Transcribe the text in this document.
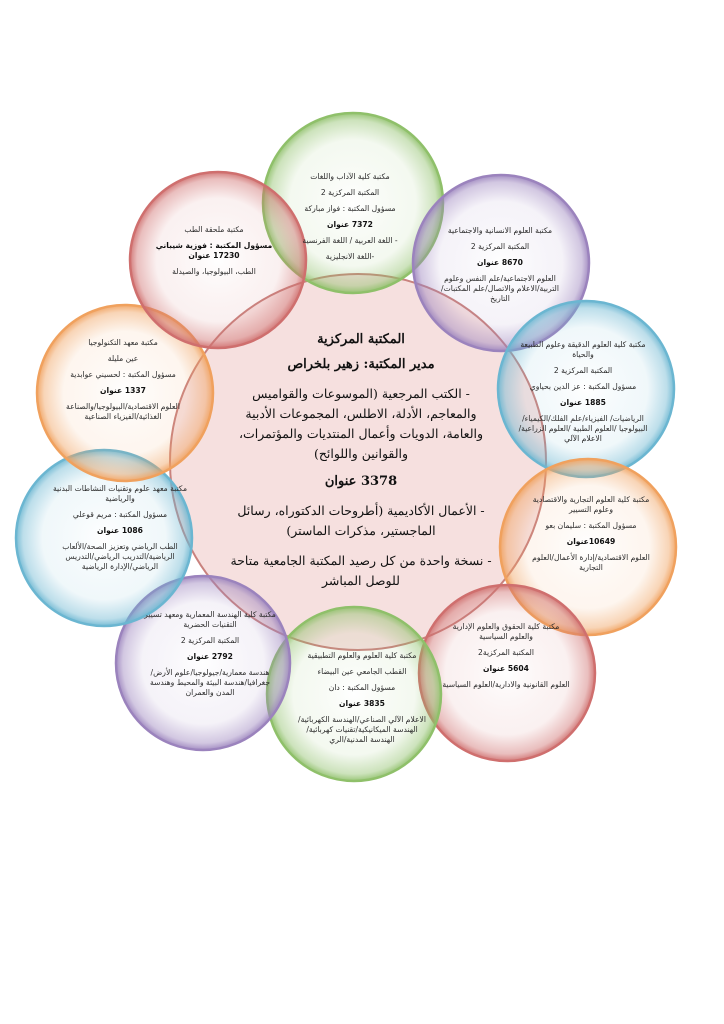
المكتبة المركزية
مدير المكتبة: زهير بلخراص
- الكتب المرجعية (الموسوعات والقواميس والمعاجم، الأدلة، الاطلس، المجموعات الأدبية والعامة، الدويات وأعمال المنتديات والمؤتمرات، والقوانين واللوائح)
3378 عنوان
- الأعمال الأكاديمية (أطروحات الدكتوراه، رسائل الماجستير، مذكرات الماستر)
- نسخة واحدة من كل رصيد المكتبة الجامعية متاحة للوصل المباشر
مكتبة كلية الآداب واللغات
المكتبة المركزية 2
مسؤول المكتبة : فواز مباركة
7372 عنوان
- اللغة العربية / اللغة الفرنسية
-اللغة الانجليزية
مكتبة العلوم الانسانية والاجتماعية
المكتبة المركزية 2
8670 عنوان
العلوم الاجتماعية/علم النفس وعلوم التربية/الاعلام والاتصال/علم المكتبات/التاريخ
مكتبة كلية العلوم الدقيقة وعلوم الطبيعة والحياة
المكتبة المركزية 2
مسؤول المكتبة : عز الدين بحياوي
1885 عنوان
الرياضيات/ الفيزياء/علم الفلك/الكيمياء/البيولوجيا /العلوم الطبية /العلوم الزراعية/الاعلام الآلي
مكتبة كلية العلوم التجارية والاقتصادية وعلوم التسيير
مسؤول المكتبة : سليمان بعو
10649عنوان
العلوم الاقتصادية/إدارة الأعمال/العلوم التجارية
مكتبة كلية الحقوق والعلوم الإدارية والعلوم السياسية
المكتبة المركزية2
5604 عنوان
العلوم القانونية والادارية/العلوم السياسية
مكتبة كلية العلوم والعلوم التطبيقية
القطب الجامعي عين البيضاء
مسؤول المكتبة : دان
3835 عنوان
الاعلام الآلي الصناعي/الهندسة الكهربائية/الهندسة الميكانيكية/تقنيات كهربائية/الهندسة المدنية/الري
مكتبة كلية الهندسة المعمارية ومعهد تسيير التقنيات الحضرية
المكتبة المركزية 2
2792 عنوان
هندسة معمارية/جيولوجيا/علوم الأرض/جغرافيا/هندسة البيئة والمحيط وهندسة المدن والعمران
مكتبة معهد علوم وتقنيات النشاطات البدنية والرياضية
مسؤول المكتبة : مريم قوعلي
1086 عنوان
الطب الرياضي وتعزيز الصحة/الألعاب الرياضية/التدريب الرياضي/التدريس الرياضي/الإدارة الرياضية
مكتبة معهد التكنولوجيا
عين مليلة
مسؤول المكتبة : لحسيني عوابدية
1337 عنوان
العلوم الاقتصادية/البيولوجيا/والصناعة الغذائية/الفيزياء الصناعية
مكتبة ملحقة الطب
مسؤول المكتبة : فوزية شيباني 17230 عنوان
الطب، البيولوجيا، والصيدلة
